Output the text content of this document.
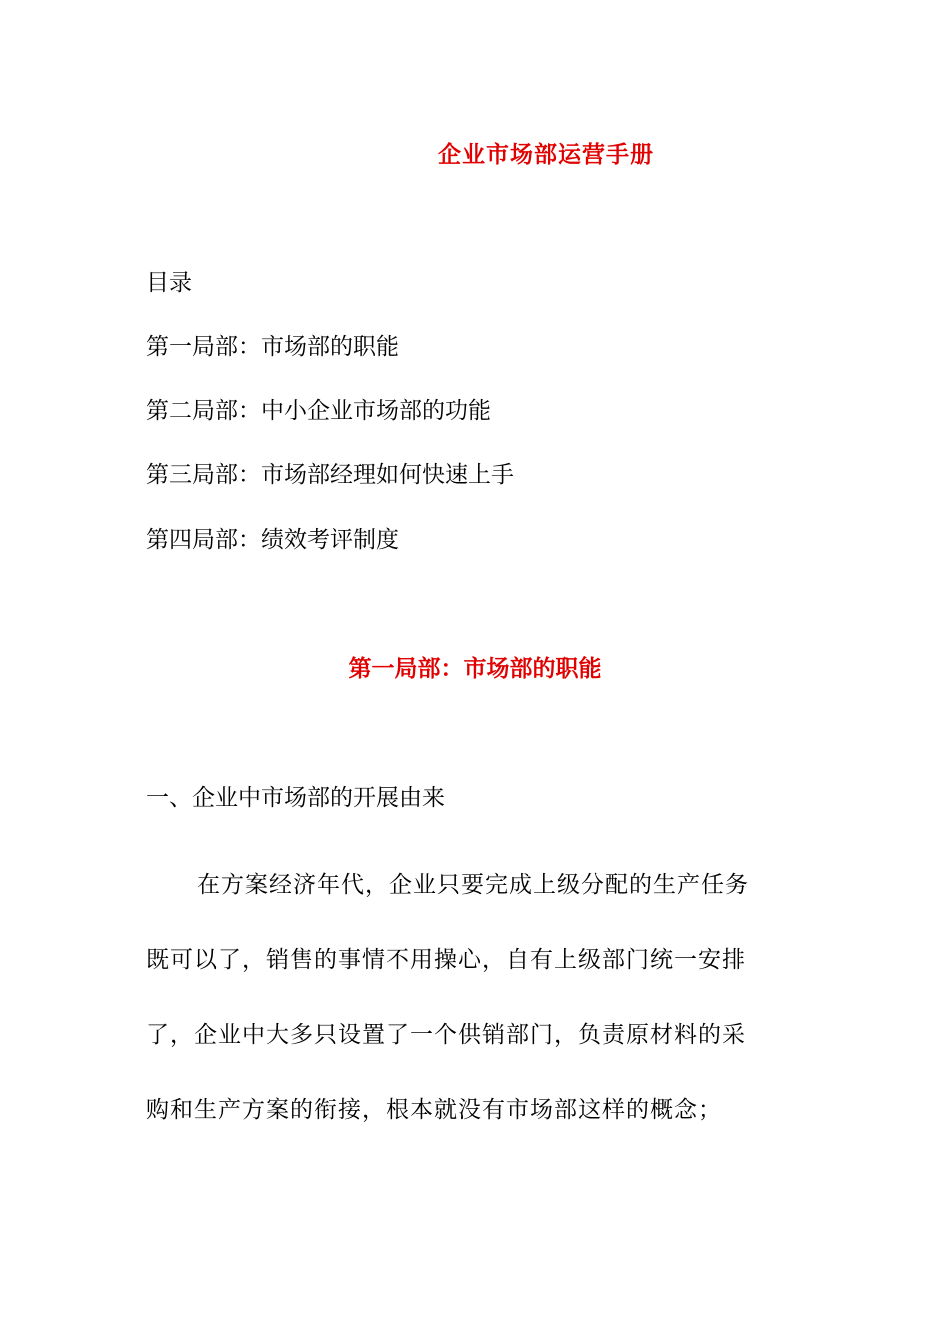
企业市场部运营手册
目录
第一局部：市场部的职能
第二局部：中小企业市场部的功能
第三局部：市场部经理如何快速上手
第四局部：绩效考评制度
第一局部：市场部的职能
一、企业中市场部的开展由来
在方案经济年代，企业只要完成上级分配的生产任务
既可以了，销售的事情不用操心，自有上级部门统一安排
了，企业中大多只设置了一个供销部门，负责原材料的采
购和生产方案的衔接，根本就没有市场部这样的概念；
